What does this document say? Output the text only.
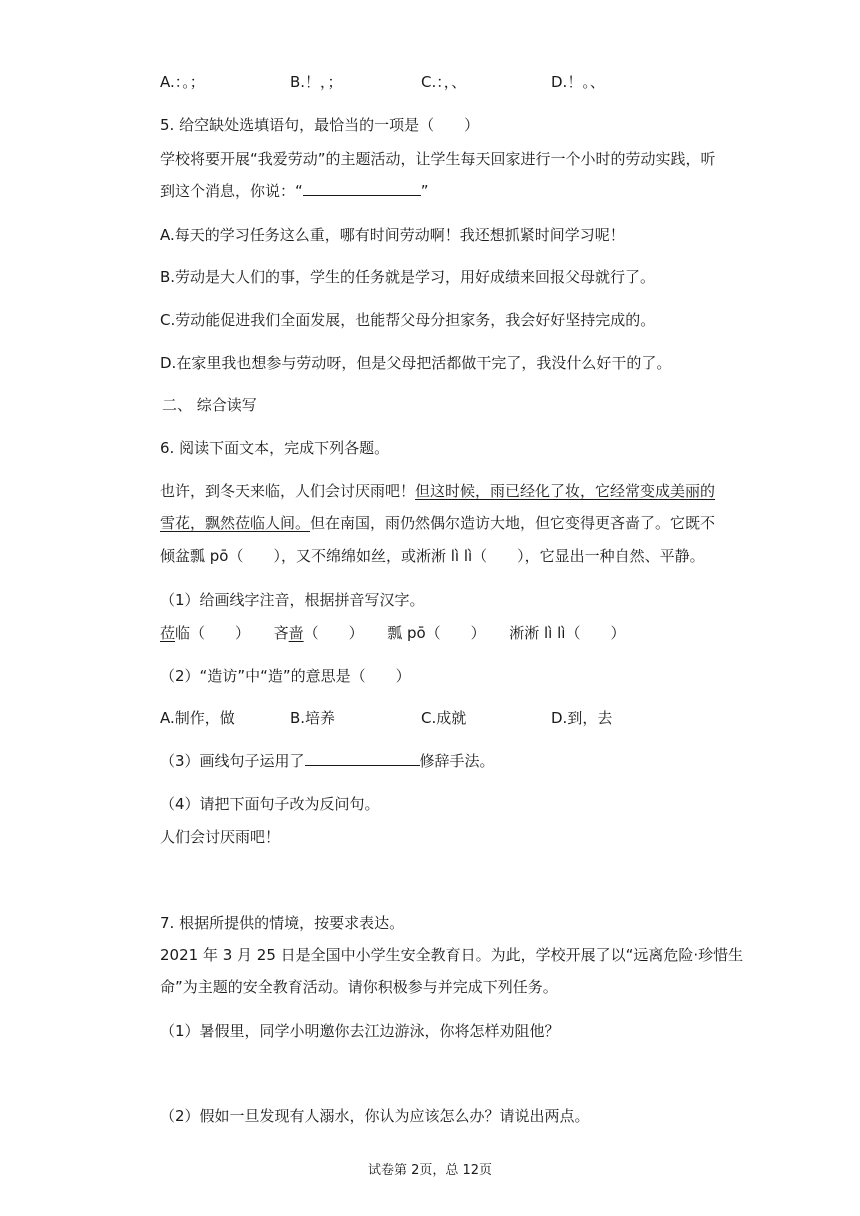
A.：。；	B.！，；	C.：，、	D.！。、
5. 给空缺处选填语句，最恰当的一项是（　　）
学校将要开展“我爱劳动”的主题活动，让学生每天回家进行一个小时的劳动实践，听
到这个消息，你说：“	”
A.每天的学习任务这么重，哪有时间劳动啊！我还想抓紧时间学习呢！
B.劳动是大人们的事，学生的任务就是学习，用好成绩来回报父母就行了。
C.劳动能促进我们全面发展，也能帮父母分担家务，我会好好坚持完成的。
D.在家里我也想参与劳动呀，但是父母把活都做干完了，我没什么好干的了。
二、 综合读写
6. 阅读下面文本，完成下列各题。
也许，到冬天来临，人们会讨厌雨吧！但这时候，雨已经化了妆，它经常变成美丽的
雪花，飘然莅临人间。但在南国，雨仍然偶尔造访大地，但它变得更吝啬了。它既不
倾盆瓢 pō（　　），又不绵绵如丝，或淅淅 lì lì（　　），它显出一种自然、平静。
（1）给画线字注音，根据拼音写汉字。
莅临（　　） 吝啬（　　） 瓢 pō（　　） 淅淅 lì lì（　　）
（2）“造访”中“造”的意思是（　　）
A.制作，做	B.培养	C.成就	D.到，去
（3）画线句子运用了	修辞手法。
（4）请把下面句子改为反问句。
人们会讨厌雨吧！
7. 根据所提供的情境，按要求表达。
2021 年 3 月 25 日是全国中小学生安全教育日。为此，学校开展了以“远离危险·珍惜生
命”为主题的安全教育活动。请你积极参与并完成下列任务。
（1）暑假里，同学小明邀你去江边游泳，你将怎样劝阻他？
（2）假如一旦发现有人溺水，你认为应该怎么办？请说出两点。
试卷第 2页，总 12页
